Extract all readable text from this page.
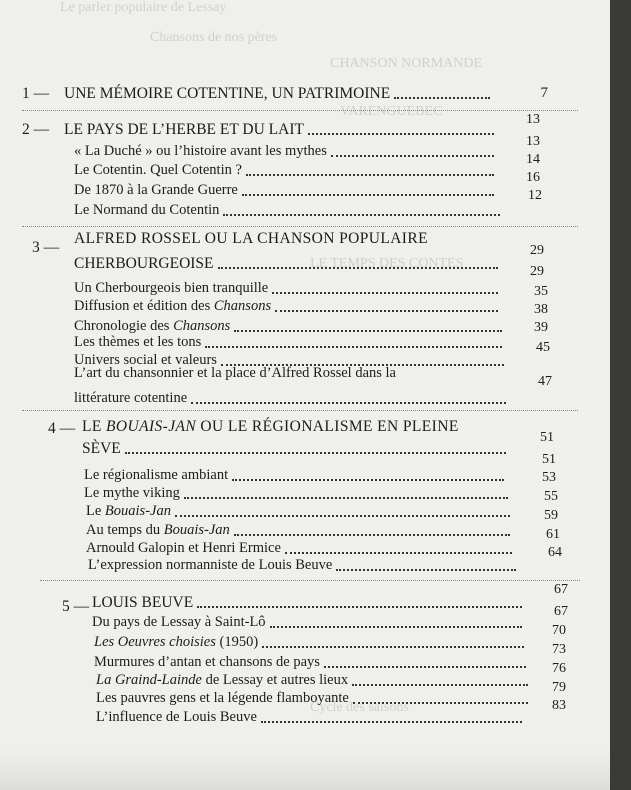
Le parler populaire de Lessay
Chansons de nos pères
CHANSON NORMANDE
VARENGUEBEC
LE TEMPS DES CONTES
Cycle des saisons
1 — UNE MÉMOIRE COTENTINE, UN PATRIMOINE	7
2 — LE PAYS DE L’HERBE ET DU LAIT
13
« La Duché » ou l’histoire avant les mythes
13
Le Cotentin. Quel Cotentin ?
14
De 1870 à la Grande Guerre
16
Le Normand du Cotentin
12
3 —
ALFRED ROSSEL OU LA CHANSON POPULAIRE
CHERBOURGEOISE
29
Un Cherbourgeois bien tranquille
29
Diffusion et édition des Chansons
35
Chronologie des Chansons
38
Les thèmes et les tons
39
Univers social et valeurs
45
L’art du chansonnier et la place d’Alfred Rossel dans la
littérature cotentine
47
4 — LE BOUAIS-JAN OU LE RÉGIONALISME EN PLEINE
SÈVE
51
Le régionalisme ambiant
51
Le mythe viking
53
Le Bouais-Jan
55
Au temps du Bouais-Jan
59
Arnould Galopin et Henri Ermice
61
L’expression normanniste de Louis Beuve
64
5 — LOUIS BEUVE
67
Du pays de Lessay à Saint-Lô
67
Les Oeuvres choisies (1950)
70
Murmures d’antan et chansons de pays
73
La Graind-Lainde de Lessay et autres lieux
76
Les pauvres gens et la légende flamboyante
79
L’influence de Louis Beuve
83
